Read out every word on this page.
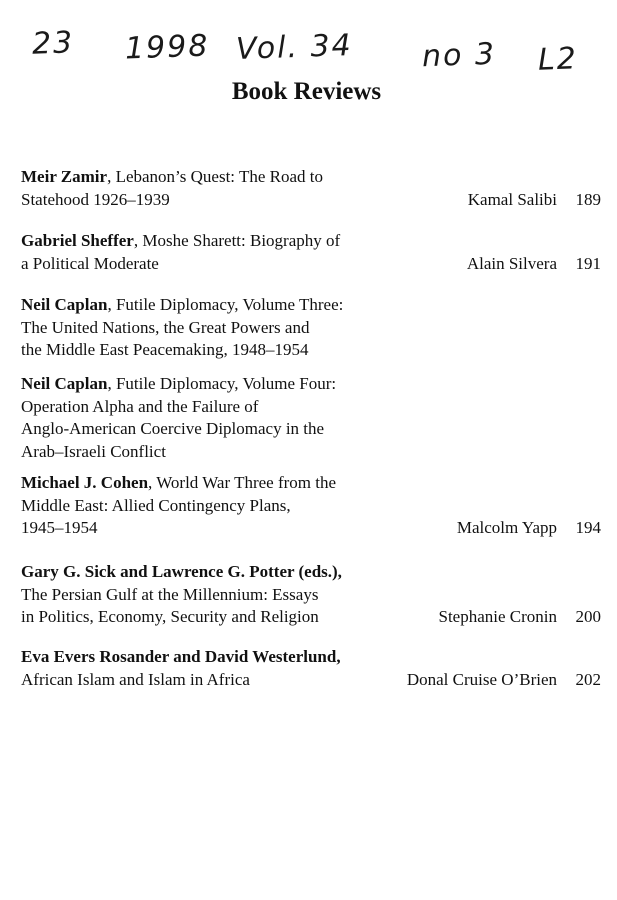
23 1998 Vol. 34 no 3 L2
Book Reviews
Meir Zamir, Lebanon’s Quest: The Road to
Statehood 1926–1939	Kamal Salibi 189
Gabriel Sheffer, Moshe Sharett: Biography of
a Political Moderate	Alain Silvera 191
Neil Caplan, Futile Diplomacy, Volume Three:
The United Nations, the Great Powers and
the Middle East Peacemaking, 1948–1954
Neil Caplan, Futile Diplomacy, Volume Four:
Operation Alpha and the Failure of
Anglo-American Coercive Diplomacy in the
Arab–Israeli Conflict
Michael J. Cohen, World War Three from the
Middle East: Allied Contingency Plans,
1945–1954	Malcolm Yapp 194
Gary G. Sick and Lawrence G. Potter (eds.),
The Persian Gulf at the Millennium: Essays
in Politics, Economy, Security and Religion	Stephanie Cronin 200
Eva Evers Rosander and David Westerlund,
African Islam and Islam in Africa	Donal Cruise O’Brien 202
